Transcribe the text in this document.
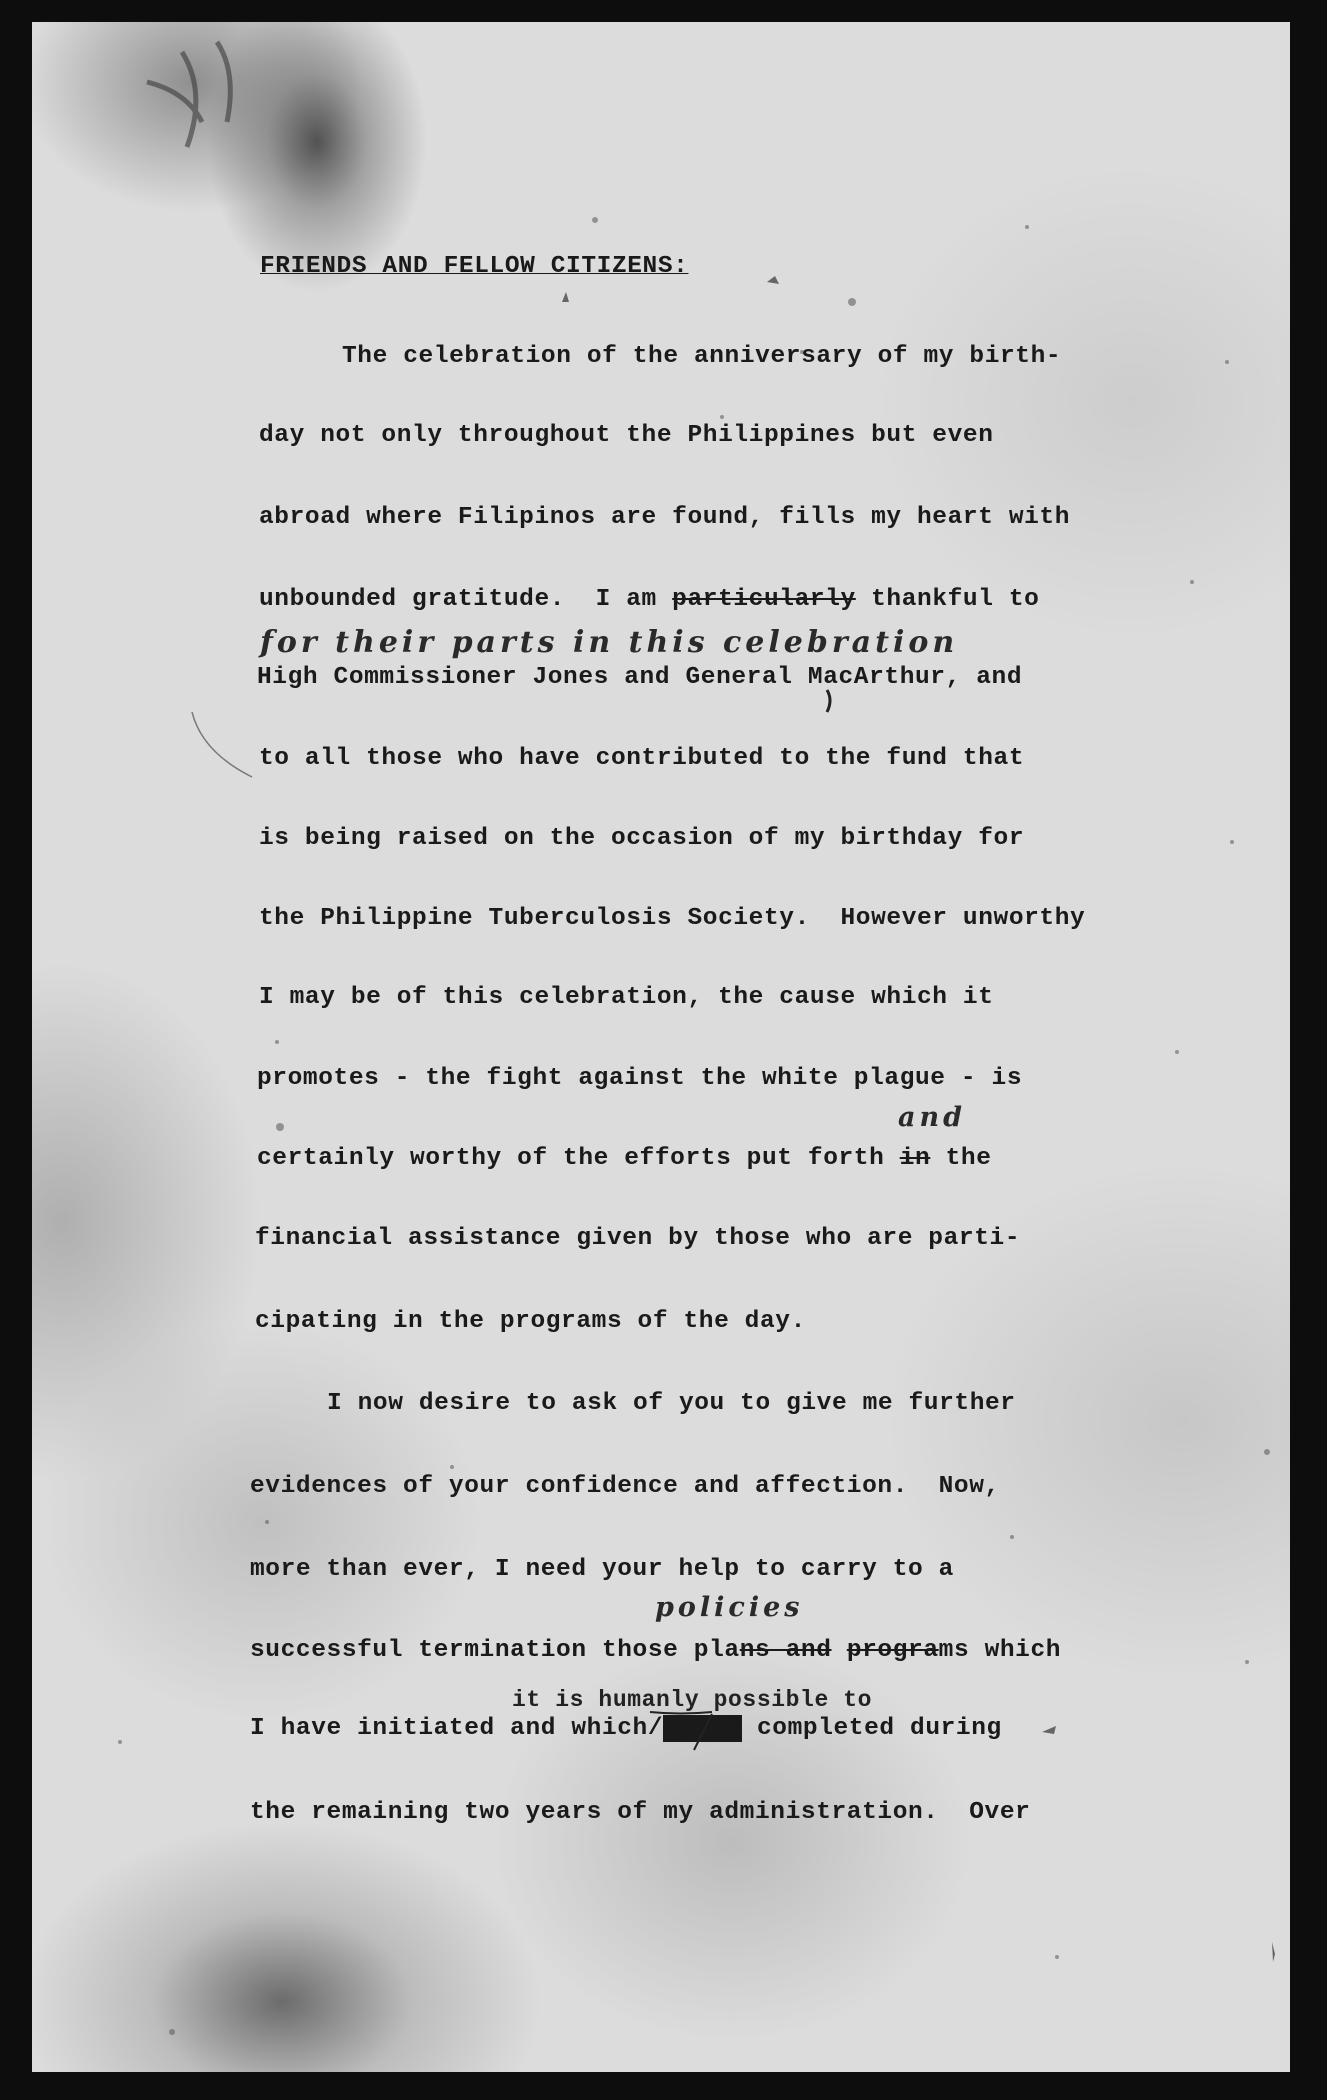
FRIENDS AND FELLOW CITIZENS:
The celebration of the anniversary of my birth-
day not only throughout the Philippines but even
abroad where Filipinos are found, fills my heart with
unbounded gratitude.  I am particularly thankful to
for their parts in this celebration
High Commissioner Jones and General MacArthur, and
to all those who have contributed to the fund that
is being raised on the occasion of my birthday for
the Philippine Tuberculosis Society.  However unworthy
I may be of this celebration, the cause which it
promotes - the fight against the white plague - is
and
certainly worthy of the efforts put forth in the
financial assistance given by those who are parti-
cipating in the programs of the day.
I now desire to ask of you to give me further
evidences of your confidence and affection.  Now,
more than ever, I need your help to carry to a
policies
successful termination those plans and programs which
it is humanly possible to
I have initiated and which/xxxxx completed during
the remaining two years of my administration.  Over
